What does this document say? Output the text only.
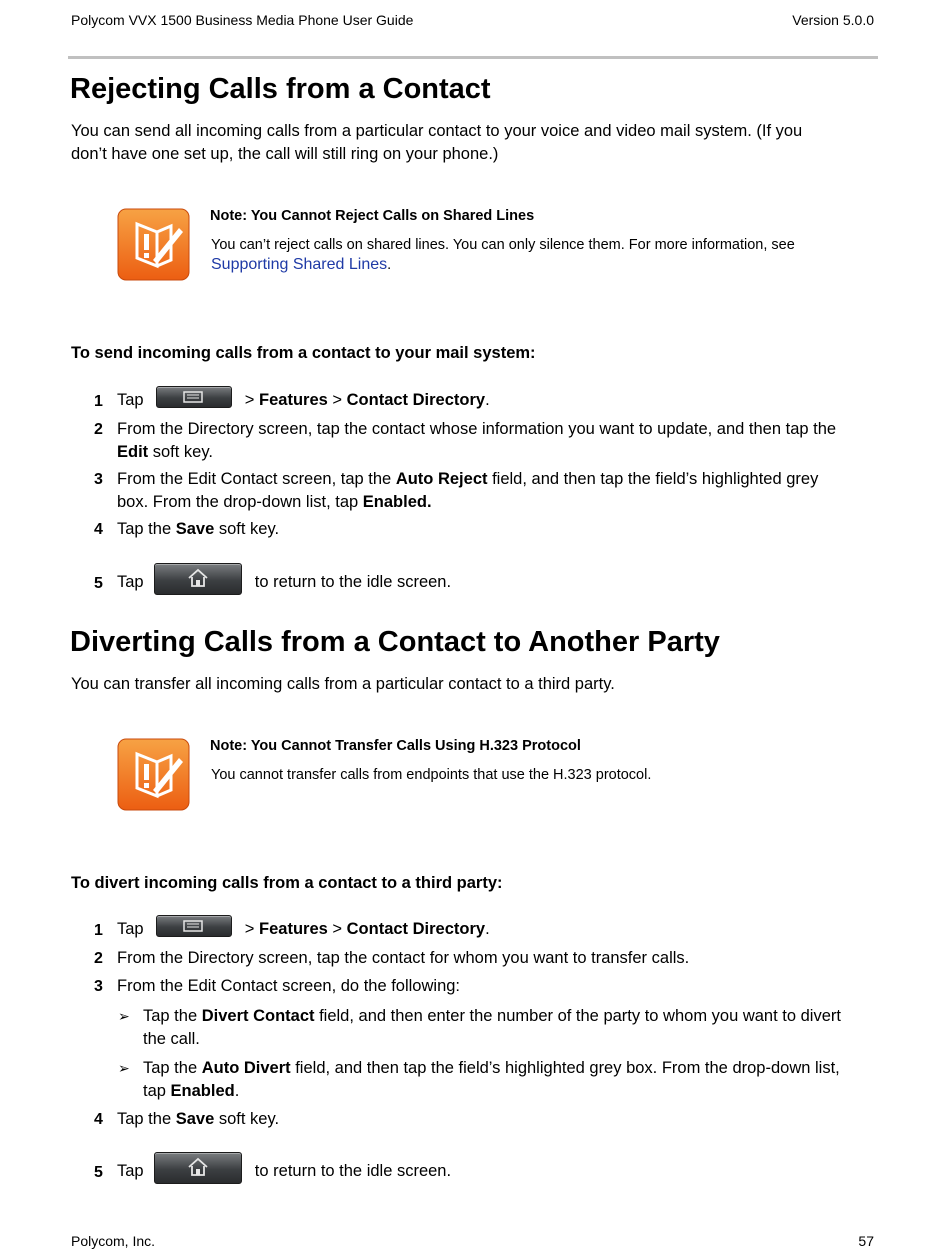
Polycom VVX 1500 Business Media Phone User Guide	Version 5.0.0
Rejecting Calls from a Contact
You can send all incoming calls from a particular contact to your voice and video mail system. (If you
don’t have one set up, the call will still ring on your phone.)
Note: You Cannot Reject Calls on Shared Lines
You can’t reject calls on shared lines. You can only silence them. For more information, see
Supporting Shared Lines.
To send incoming calls from a contact to your mail system:
1 Tap	> Features > Contact Directory.
2 From the Directory screen, tap the contact whose information you want to update, and then tap the
Edit soft key.
3 From the Edit Contact screen, tap the Auto Reject field, and then tap the field’s highlighted grey
box. From the drop-down list, tap Enabled.
4 Tap the Save soft key.
5 Tap	to return to the idle screen.
Diverting Calls from a Contact to Another Party
You can transfer all incoming calls from a particular contact to a third party.
Note: You Cannot Transfer Calls Using H.323 Protocol
You cannot transfer calls from endpoints that use the H.323 protocol.
To divert incoming calls from a contact to a third party:
1 Tap	> Features > Contact Directory.
2 From the Directory screen, tap the contact for whom you want to transfer calls.
3 From the Edit Contact screen, do the following:
➢ Tap the Divert Contact field, and then enter the number of the party to whom you want to divert
the call.
➢ Tap the Auto Divert field, and then tap the field’s highlighted grey box. From the drop-down list,
tap Enabled.
4 Tap the Save soft key.
5 Tap	to return to the idle screen.
Polycom, Inc.	57
